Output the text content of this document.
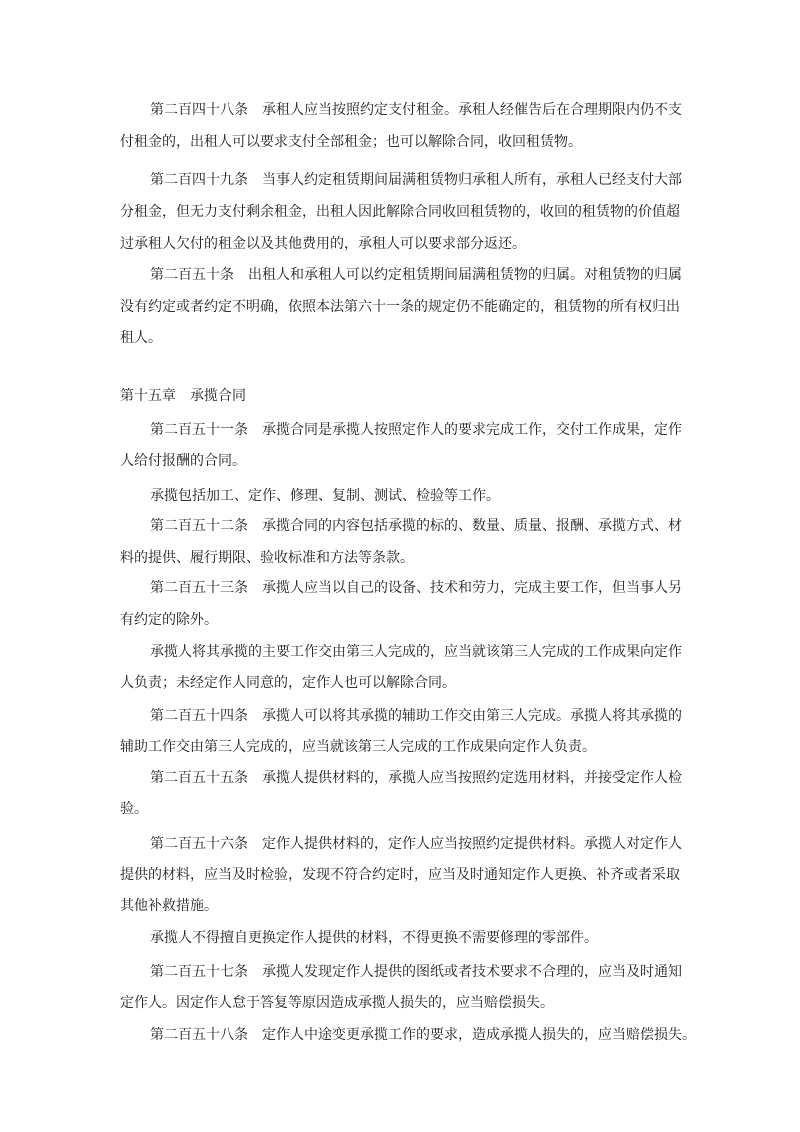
第二百四十八条　承租人应当按照约定支付租金。承租人经催告后在合理期限内仍不支
付租金的，出租人可以要求支付全部租金；也可以解除合同，收回租赁物。
第二百四十九条　当事人约定租赁期间届满租赁物归承租人所有，承租人已经支付大部
分租金，但无力支付剩余租金，出租人因此解除合同收回租赁物的，收回的租赁物的价值超
过承租人欠付的租金以及其他费用的，承租人可以要求部分返还。
第二百五十条　出租人和承租人可以约定租赁期间届满租赁物的归属。对租赁物的归属
没有约定或者约定不明确，依照本法第六十一条的规定仍不能确定的，租赁物的所有权归出
租人。
第十五章　承揽合同
第二百五十一条　承揽合同是承揽人按照定作人的要求完成工作，交付工作成果，定作
人给付报酬的合同。
承揽包括加工、定作、修理、复制、测试、检验等工作。
第二百五十二条　承揽合同的内容包括承揽的标的、数量、质量、报酬、承揽方式、材
料的提供、履行期限、验收标准和方法等条款。
第二百五十三条　承揽人应当以自己的设备、技术和劳力，完成主要工作，但当事人另
有约定的除外。
承揽人将其承揽的主要工作交由第三人完成的，应当就该第三人完成的工作成果向定作
人负责；未经定作人同意的，定作人也可以解除合同。
第二百五十四条　承揽人可以将其承揽的辅助工作交由第三人完成。承揽人将其承揽的
辅助工作交由第三人完成的，应当就该第三人完成的工作成果向定作人负责。
第二百五十五条　承揽人提供材料的，承揽人应当按照约定选用材料，并接受定作人检
验。
第二百五十六条　定作人提供材料的，定作人应当按照约定提供材料。承揽人对定作人
提供的材料，应当及时检验，发现不符合约定时，应当及时通知定作人更换、补齐或者采取
其他补救措施。
承揽人不得擅自更换定作人提供的材料，不得更换不需要修理的零部件。
第二百五十七条　承揽人发现定作人提供的图纸或者技术要求不合理的，应当及时通知
定作人。因定作人怠于答复等原因造成承揽人损失的，应当赔偿损失。
第二百五十八条　定作人中途变更承揽工作的要求，造成承揽人损失的，应当赔偿损失。
